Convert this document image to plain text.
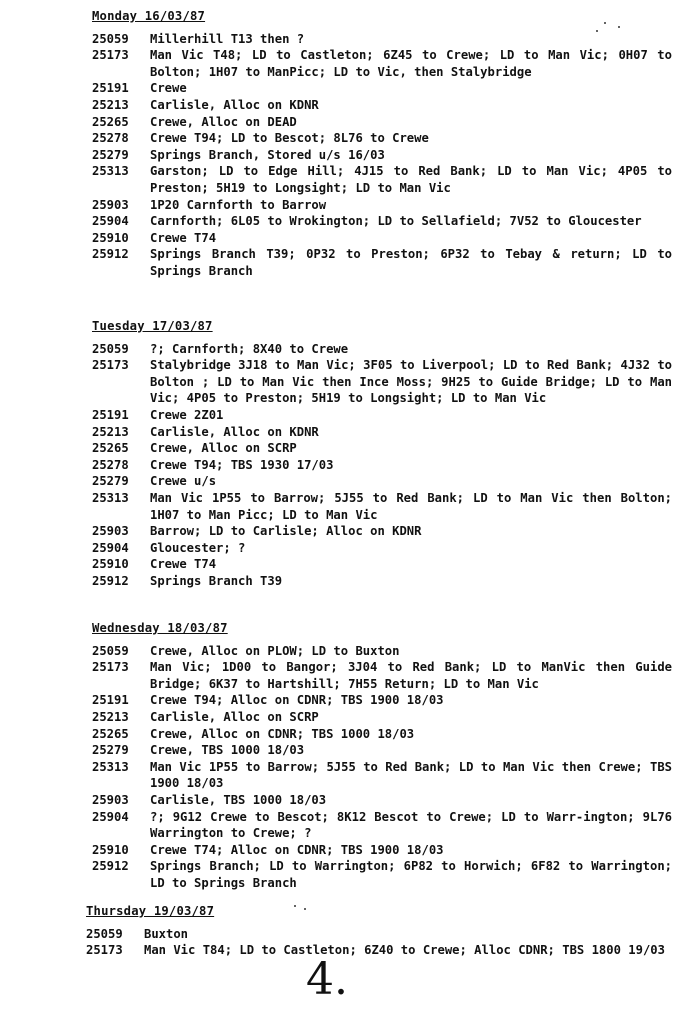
Monday 16/03/87
25059	Millerhill T13 then ?
25173	Man Vic T48; LD to Castleton; 6Z45 to Crewe; LD to Man Vic; 0H07 to Bolton; 1H07 to ManPicc; LD to Vic, then Stalybridge
25191	Crewe
25213	Carlisle, Alloc on KDNR
25265	Crewe, Alloc on DEAD
25278	Crewe T94; LD to Bescot; 8L76 to Crewe
25279	Springs Branch, Stored u/s 16/03
25313	Garston; LD to Edge Hill; 4J15 to Red Bank; LD to Man Vic; 4P05 to Preston; 5H19 to Longsight; LD to Man Vic
25903	1P20 Carnforth to Barrow
25904	Carnforth; 6L05 to Wrokington; LD to Sellafield; 7V52 to Gloucester
25910	Crewe T74
25912	Springs Branch T39; 0P32 to Preston; 6P32 to Tebay & return; LD to Springs Branch
Tuesday 17/03/87
25059	?; Carnforth; 8X40 to Crewe
25173	Stalybridge 3J18 to Man Vic; 3F05 to Liverpool; LD to Red Bank; 4J32 to Bolton ; LD to Man Vic then Ince Moss; 9H25 to Guide Bridge; LD to Man Vic; 4P05 to Preston; 5H19 to Longsight; LD to Man Vic
25191	Crewe 2Z01
25213	Carlisle, Alloc on KDNR
25265	Crewe, Alloc on SCRP
25278	Crewe T94; TBS 1930 17/03
25279	Crewe u/s
25313	Man Vic 1P55 to Barrow; 5J55 to Red Bank; LD to Man Vic then Bolton; 1H07 to Man Picc; LD to Man Vic
25903	Barrow; LD to Carlisle; Alloc on KDNR
25904	Gloucester; ?
25910	Crewe T74
25912	Springs Branch T39
Wednesday 18/03/87
25059	Crewe, Alloc on PLOW; LD to Buxton
25173	Man Vic; 1D00 to Bangor; 3J04 to Red Bank; LD to ManVic then Guide Bridge; 6K37 to Hartshill; 7H55 Return; LD to Man Vic
25191	Crewe T94; Alloc on CDNR; TBS 1900 18/03
25213	Carlisle, Alloc on SCRP
25265	Crewe, Alloc on CDNR; TBS 1000 18/03
25279	Crewe, TBS 1000 18/03
25313	Man Vic 1P55 to Barrow; 5J55 to Red Bank; LD to Man Vic then Crewe; TBS 1900 18/03
25903	Carlisle, TBS 1000 18/03
25904	?; 9G12 Crewe to Bescot; 8K12 Bescot to Crewe; LD to Warr-ington; 9L76 Warrington to Crewe; ?
25910	Crewe T74; Alloc on CDNR; TBS 1900 18/03
25912	Springs Branch; LD to Warrington; 6P82 to Horwich; 6F82 to Warrington; LD to Springs Branch
Thursday 19/03/87
25059	Buxton
25173	Man Vic T84; LD to Castleton; 6Z40 to Crewe; Alloc CDNR; TBS 1800 19/03
4.
